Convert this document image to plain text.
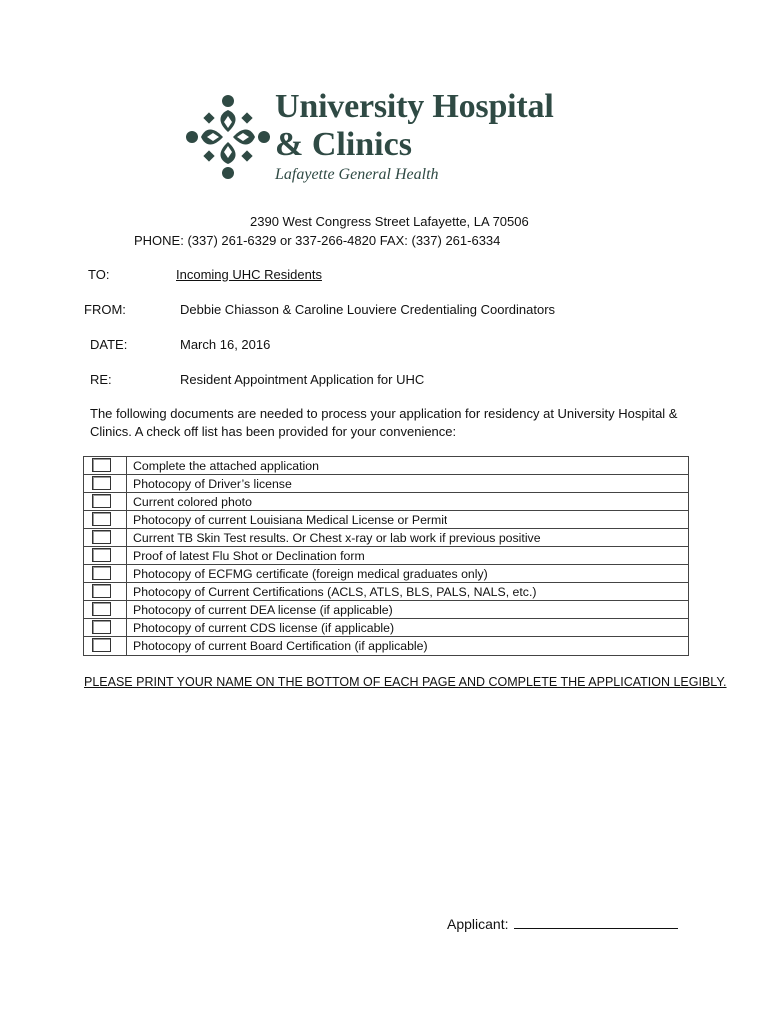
University Hospital
& Clinics
Lafayette General Health
2390 West Congress Street Lafayette, LA 70506
PHONE: (337) 261-6329 or 337-266-4820 FAX: (337) 261-6334
TO:	Incoming UHC Residents
FROM:	Debbie Chiasson & Caroline Louviere Credentialing Coordinators
DATE:	March 16, 2016
RE:	Resident Appointment Application for UHC
The following documents are needed to process your application for residency at University Hospital & Clinics. A check off list has been provided for your convenience:
Complete the attached application
Photocopy of Driver’s license
Current colored photo
Photocopy of current Louisiana Medical License or Permit
Current TB Skin Test results. Or Chest x-ray or lab work if previous positive
Proof of latest Flu Shot or Declination form
Photocopy of ECFMG certificate (foreign medical graduates only)
Photocopy of Current Certifications (ACLS, ATLS, BLS, PALS, NALS, etc.)
Photocopy of current DEA license (if applicable)
Photocopy of current CDS license (if applicable)
Photocopy of current Board Certification (if applicable)
PLEASE PRINT YOUR NAME ON THE BOTTOM OF EACH PAGE AND COMPLETE THE APPLICATION LEGIBLY.
Applicant:
